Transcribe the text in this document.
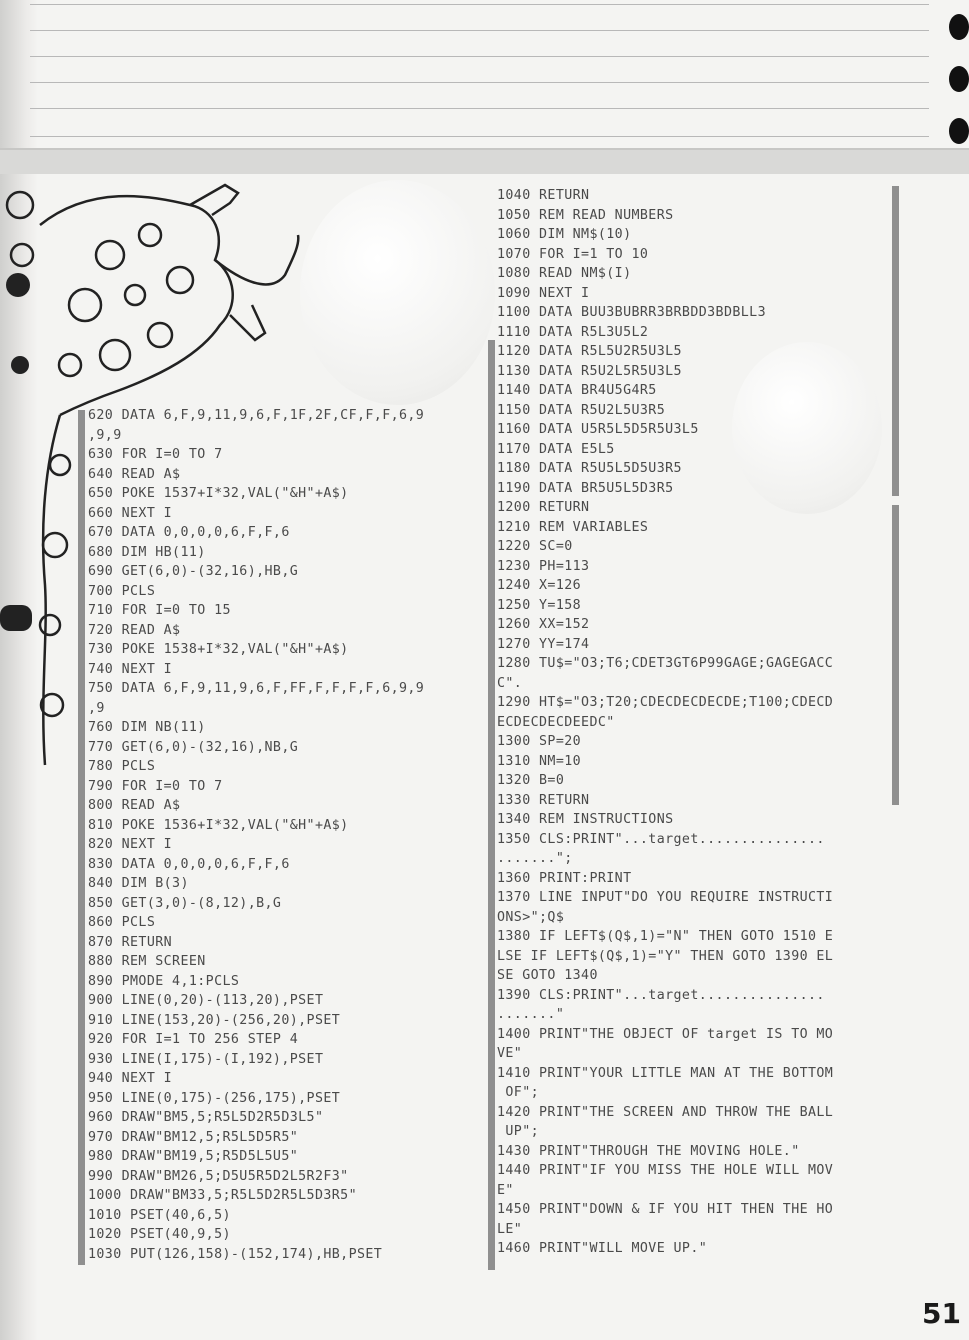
620 DATA 6,F,9,11,9,6,F,1F,2F,CF,F,F,6,9
,9,9
630 FOR I=0 TO 7
640 READ A$
650 POKE 1537+I*32,VAL("&H"+A$)
660 NEXT I
670 DATA 0,0,0,0,6,F,F,6
680 DIM HB(11)
690 GET(6,0)-(32,16),HB,G
700 PCLS
710 FOR I=0 TO 15
720 READ A$
730 POKE 1538+I*32,VAL("&H"+A$)
740 NEXT I
750 DATA 6,F,9,11,9,6,F,FF,F,F,F,F,6,9,9
,9
760 DIM NB(11)
770 GET(6,0)-(32,16),NB,G
780 PCLS
790 FOR I=0 TO 7
800 READ A$
810 POKE 1536+I*32,VAL("&H"+A$)
820 NEXT I
830 DATA 0,0,0,0,6,F,F,6
840 DIM B(3)
850 GET(3,0)-(8,12),B,G
860 PCLS
870 RETURN
880 REM SCREEN
890 PMODE 4,1:PCLS
900 LINE(0,20)-(113,20),PSET
910 LINE(153,20)-(256,20),PSET
920 FOR I=1 TO 256 STEP 4
930 LINE(I,175)-(I,192),PSET
940 NEXT I
950 LINE(0,175)-(256,175),PSET
960 DRAW"BM5,5;R5L5D2R5D3L5"
970 DRAW"BM12,5;R5L5D5R5"
980 DRAW"BM19,5;R5D5L5U5"
990 DRAW"BM26,5;D5U5R5D2L5R2F3"
1000 DRAW"BM33,5;R5L5D2R5L5D3R5"
1010 PSET(40,6,5)
1020 PSET(40,9,5)
1030 PUT(126,158)-(152,174),HB,PSET
1040 RETURN
1050 REM READ NUMBERS
1060 DIM NM$(10)
1070 FOR I=1 TO 10
1080 READ NM$(I)
1090 NEXT I
1100 DATA BUU3BUBRR3BRBDD3BDBLL3
1110 DATA R5L3U5L2
1120 DATA R5L5U2R5U3L5
1130 DATA R5U2L5R5U3L5
1140 DATA BR4U5G4R5
1150 DATA R5U2L5U3R5
1160 DATA U5R5L5D5R5U3L5
1170 DATA E5L5
1180 DATA R5U5L5D5U3R5
1190 DATA BR5U5L5D3R5
1200 RETURN
1210 REM VARIABLES
1220 SC=0
1230 PH=113
1240 X=126
1250 Y=158
1260 XX=152
1270 YY=174
1280 TU$="O3;T6;CDET3GT6P99GAGE;GAGEGACC
C".
1290 HT$="O3;T20;CDECDECDECDE;T100;CDECD
ECDECDECDEEDC"
1300 SP=20
1310 NM=10
1320 B=0
1330 RETURN
1340 REM INSTRUCTIONS
1350 CLS:PRINT"...target...............
.......";
1360 PRINT:PRINT
1370 LINE INPUT"DO YOU REQUIRE INSTRUCTI
ONS>";Q$
1380 IF LEFT$(Q$,1)="N" THEN GOTO 1510 E
LSE IF LEFT$(Q$,1)="Y" THEN GOTO 1390 EL
SE GOTO 1340
1390 CLS:PRINT"...target...............
......."
1400 PRINT"THE OBJECT OF target IS TO MO
VE"
1410 PRINT"YOUR LITTLE MAN AT THE BOTTOM
OF";
1420 PRINT"THE SCREEN AND THROW THE BALL
UP";
1430 PRINT"THROUGH THE MOVING HOLE."
1440 PRINT"IF YOU MISS THE HOLE WILL MOV
E"
1450 PRINT"DOWN & IF YOU HIT THEN THE HO
LE"
1460 PRINT"WILL MOVE UP."
51
